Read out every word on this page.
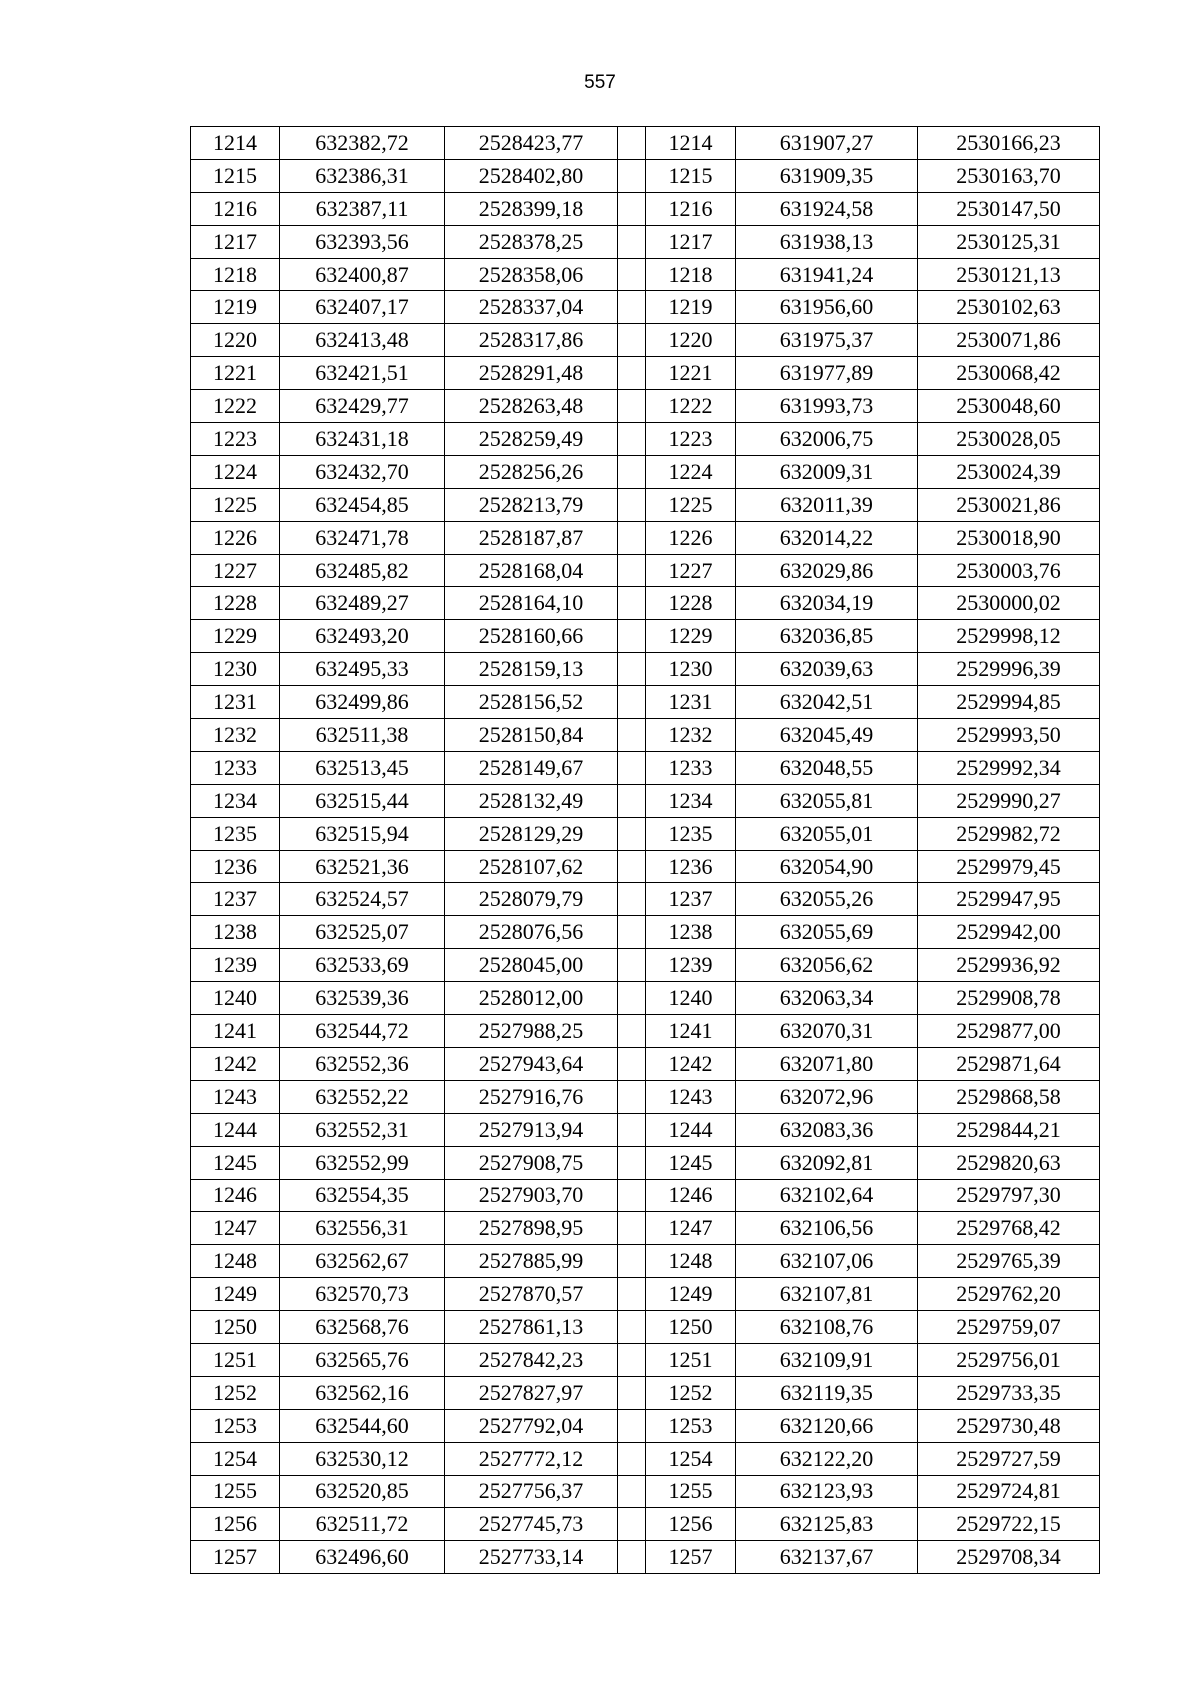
557
1214	632382,72	2528423,77		1214	631907,27	2530166,23
1215	632386,31	2528402,80		1215	631909,35	2530163,70
1216	632387,11	2528399,18		1216	631924,58	2530147,50
1217	632393,56	2528378,25		1217	631938,13	2530125,31
1218	632400,87	2528358,06		1218	631941,24	2530121,13
1219	632407,17	2528337,04		1219	631956,60	2530102,63
1220	632413,48	2528317,86		1220	631975,37	2530071,86
1221	632421,51	2528291,48		1221	631977,89	2530068,42
1222	632429,77	2528263,48		1222	631993,73	2530048,60
1223	632431,18	2528259,49		1223	632006,75	2530028,05
1224	632432,70	2528256,26		1224	632009,31	2530024,39
1225	632454,85	2528213,79		1225	632011,39	2530021,86
1226	632471,78	2528187,87		1226	632014,22	2530018,90
1227	632485,82	2528168,04		1227	632029,86	2530003,76
1228	632489,27	2528164,10		1228	632034,19	2530000,02
1229	632493,20	2528160,66		1229	632036,85	2529998,12
1230	632495,33	2528159,13		1230	632039,63	2529996,39
1231	632499,86	2528156,52		1231	632042,51	2529994,85
1232	632511,38	2528150,84		1232	632045,49	2529993,50
1233	632513,45	2528149,67		1233	632048,55	2529992,34
1234	632515,44	2528132,49		1234	632055,81	2529990,27
1235	632515,94	2528129,29		1235	632055,01	2529982,72
1236	632521,36	2528107,62		1236	632054,90	2529979,45
1237	632524,57	2528079,79		1237	632055,26	2529947,95
1238	632525,07	2528076,56		1238	632055,69	2529942,00
1239	632533,69	2528045,00		1239	632056,62	2529936,92
1240	632539,36	2528012,00		1240	632063,34	2529908,78
1241	632544,72	2527988,25		1241	632070,31	2529877,00
1242	632552,36	2527943,64		1242	632071,80	2529871,64
1243	632552,22	2527916,76		1243	632072,96	2529868,58
1244	632552,31	2527913,94		1244	632083,36	2529844,21
1245	632552,99	2527908,75		1245	632092,81	2529820,63
1246	632554,35	2527903,70		1246	632102,64	2529797,30
1247	632556,31	2527898,95		1247	632106,56	2529768,42
1248	632562,67	2527885,99		1248	632107,06	2529765,39
1249	632570,73	2527870,57		1249	632107,81	2529762,20
1250	632568,76	2527861,13		1250	632108,76	2529759,07
1251	632565,76	2527842,23		1251	632109,91	2529756,01
1252	632562,16	2527827,97		1252	632119,35	2529733,35
1253	632544,60	2527792,04		1253	632120,66	2529730,48
1254	632530,12	2527772,12		1254	632122,20	2529727,59
1255	632520,85	2527756,37		1255	632123,93	2529724,81
1256	632511,72	2527745,73		1256	632125,83	2529722,15
1257	632496,60	2527733,14		1257	632137,67	2529708,34
